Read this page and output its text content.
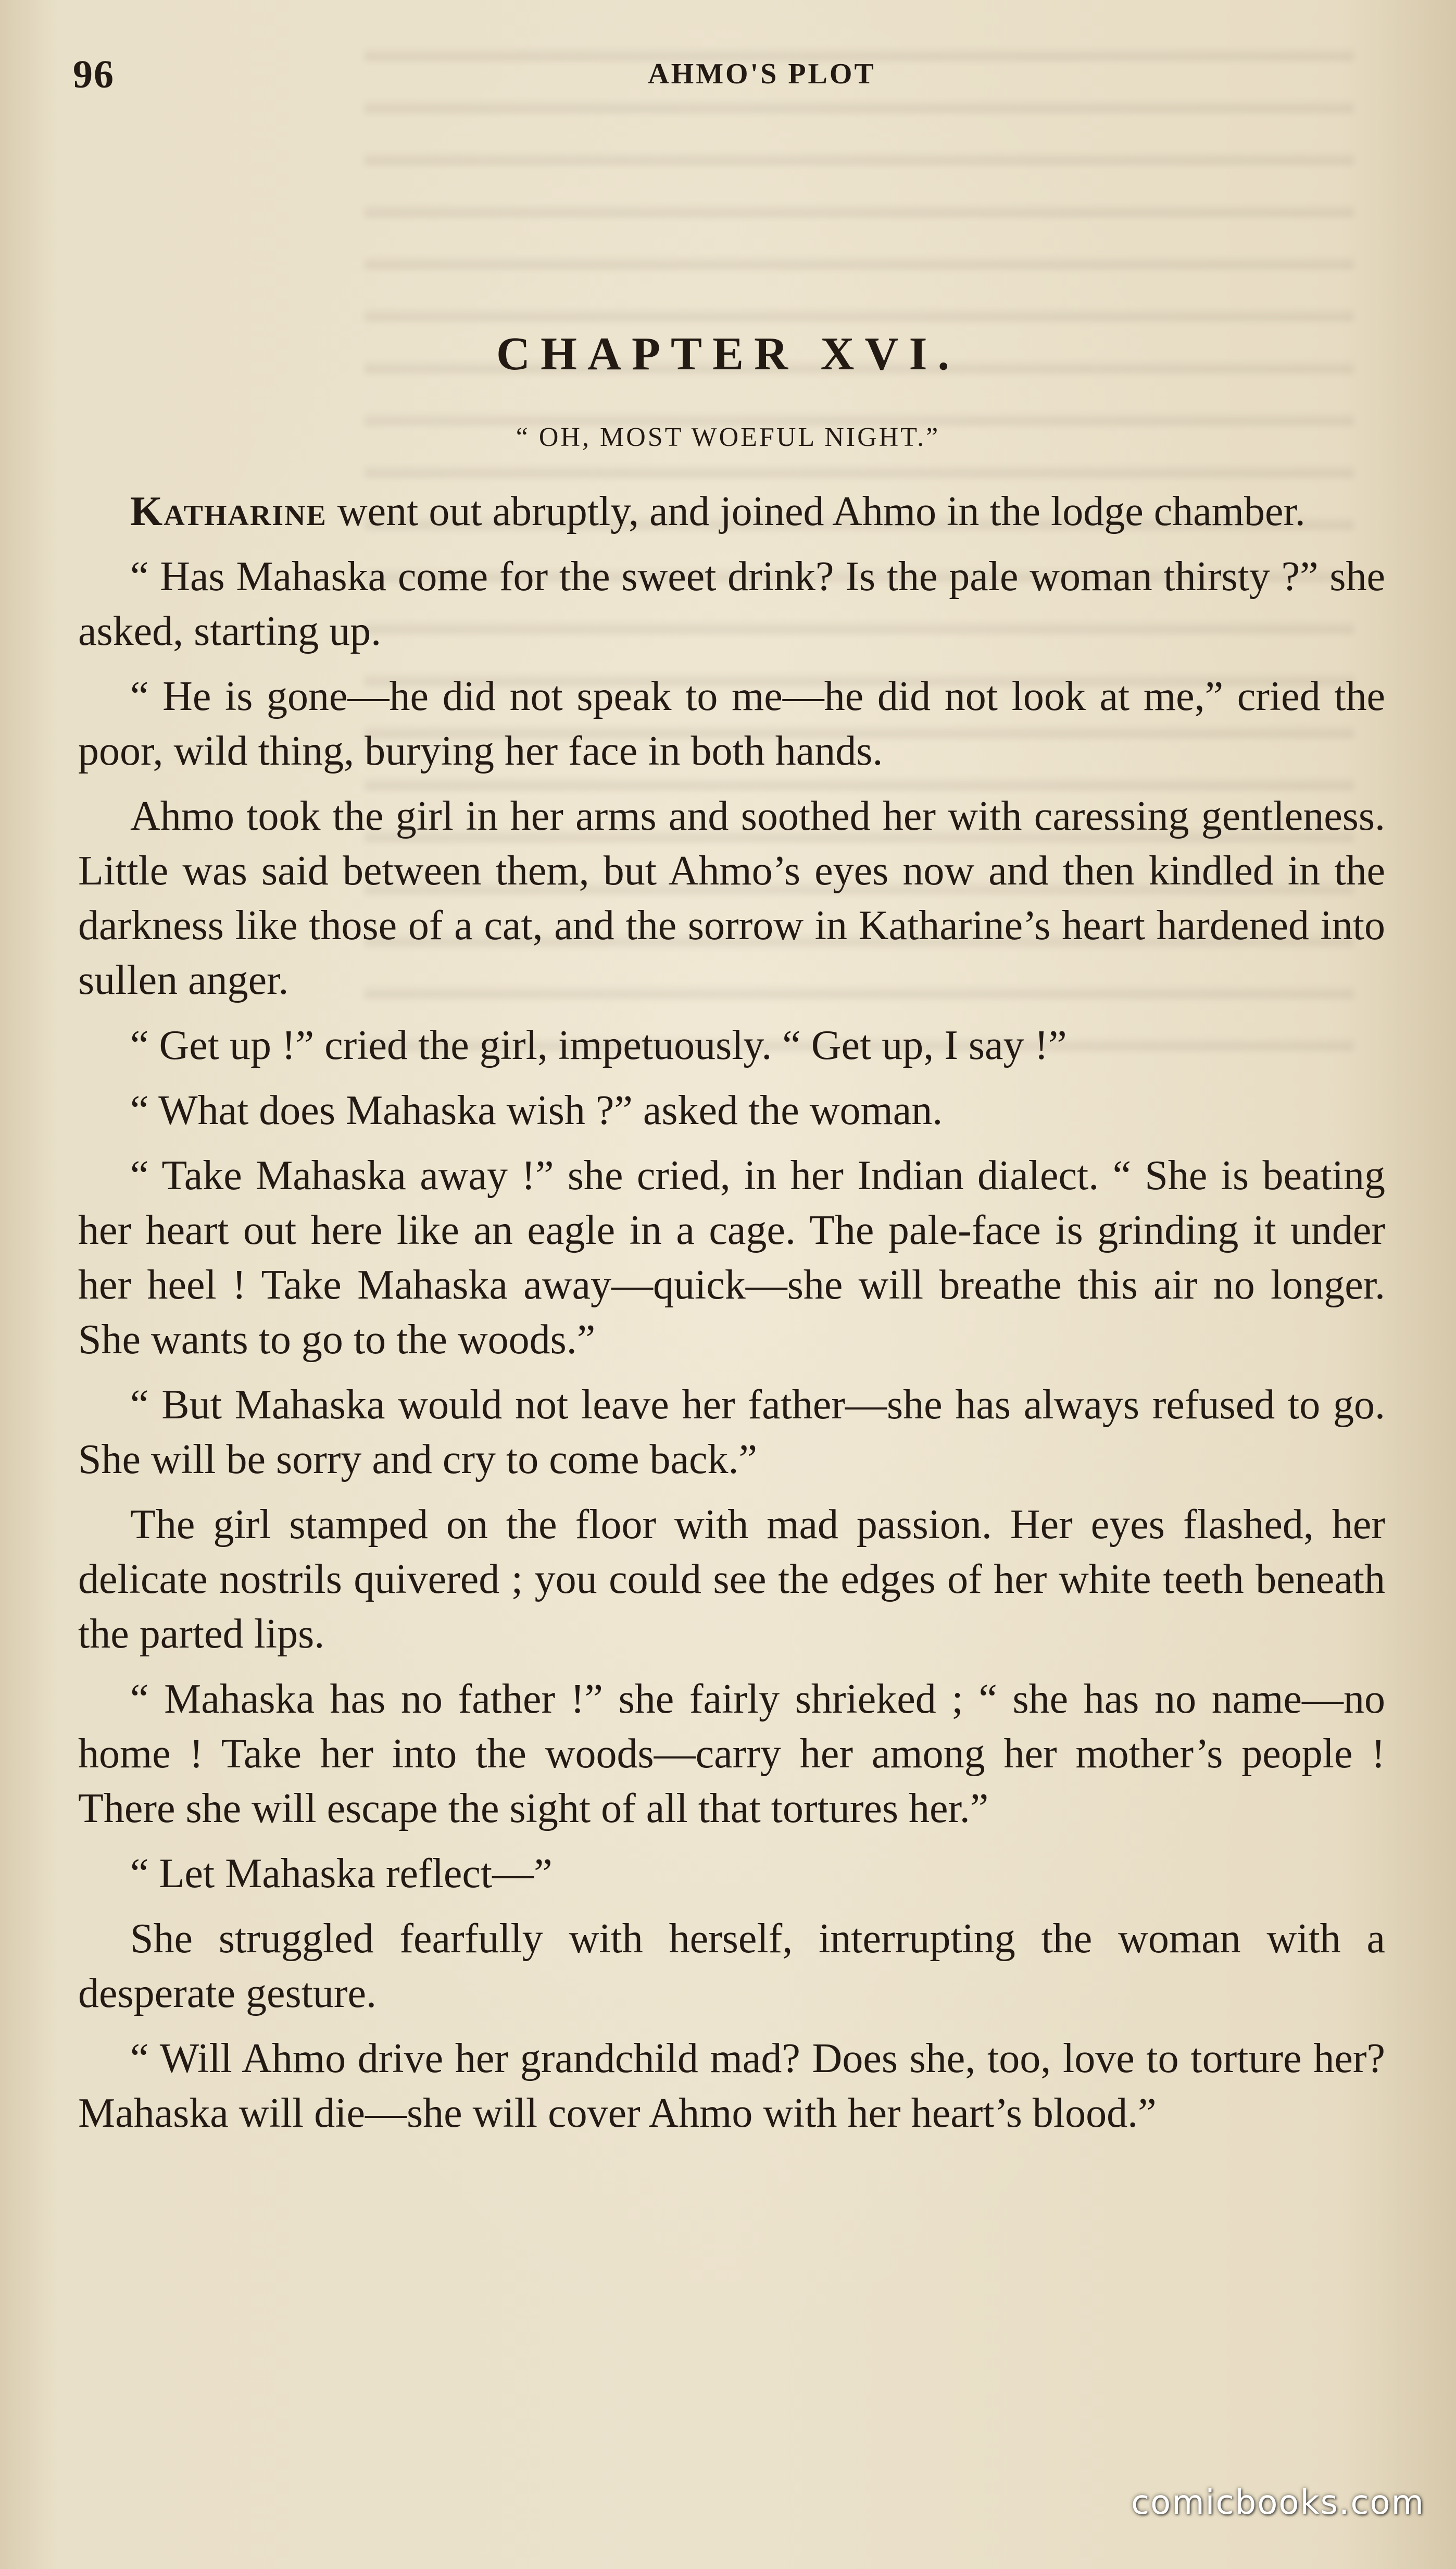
96	AHMO'S PLOT
CHAPTER XVI.
“ OH, MOST WOEFUL NIGHT.”

Katharine went out abruptly, and joined Ahmo in the lodge chamber.

“ Has Mahaska come for the sweet drink? Is the pale woman thirsty ?” she asked, starting up.

“ He is gone—he did not speak to me—he did not look at me,” cried the poor, wild thing, burying her face in both hands.

Ahmo took the girl in her arms and soothed her with caressing gentleness. Little was said between them, but Ahmo’s eyes now and then kindled in the darkness like those of a cat, and the sorrow in Katharine’s heart hardened into sullen anger.

“ Get up !” cried the girl, impetuously. “ Get up, I say !”

“ What does Mahaska wish ?” asked the woman.

“ Take Mahaska away !” she cried, in her Indian dialect. “ She is beating her heart out here like an eagle in a cage. The pale-face is grinding it under her heel ! Take Mahaska away—quick—she will breathe this air no longer. She wants to go to the woods.”

“ But Mahaska would not leave her father—she has always refused to go. She will be sorry and cry to come back.”

The girl stamped on the floor with mad passion. Her eyes flashed, her delicate nostrils quivered ; you could see the edges of her white teeth beneath the parted lips.

“ Mahaska has no father !” she fairly shrieked ; “ she has no name—no home ! Take her into the woods—carry her among her mother’s people ! There she will escape the sight of all that tortures her.”

“ Let Mahaska reflect—”

She struggled fearfully with herself, interrupting the woman with a desperate gesture.

“ Will Ahmo drive her grandchild mad? Does she, too, love to torture her? Mahaska will die—she will cover Ahmo with her heart’s blood.”

comicbooks.com
